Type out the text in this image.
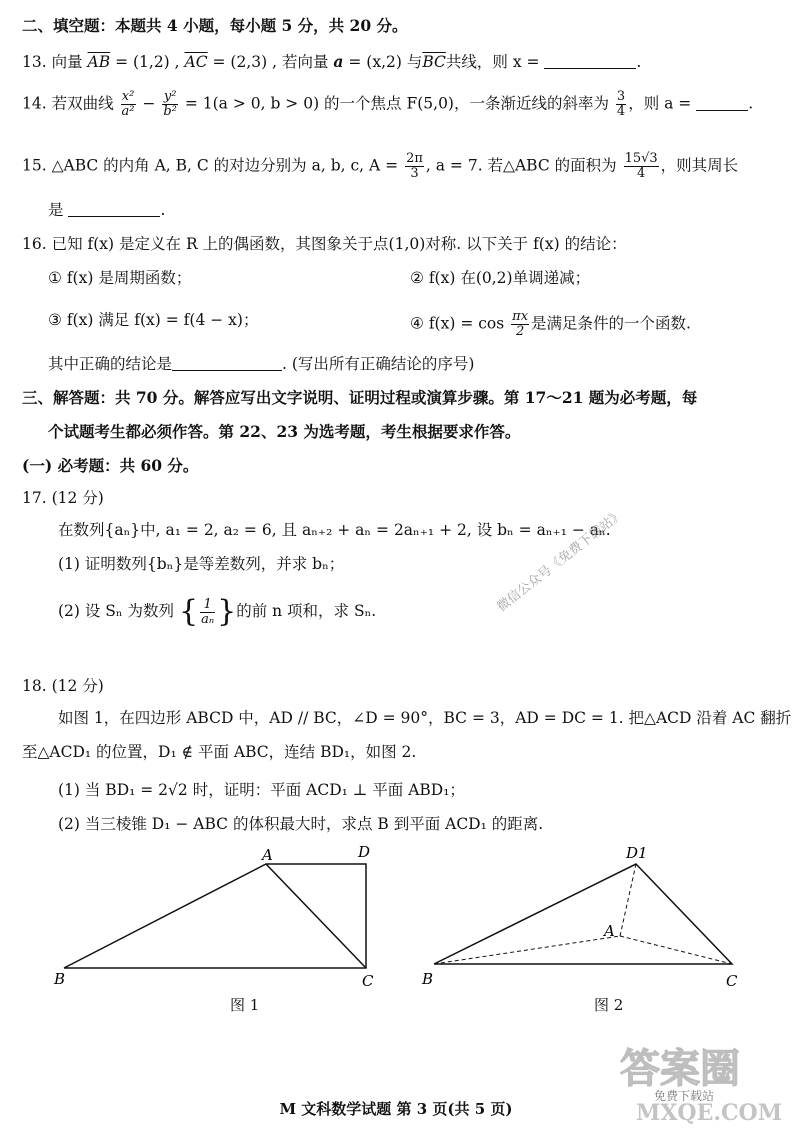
二、填空题：本题共 4 小题，每小题 5 分，共 20 分。
13. 向量 $\overline{AB} = (1,2)$ , $\overline{AC} = (2,3)$ , 若向量 a = (x,2) 与$\overline{BC}$共线，则 x =	.
14. 若双曲线 $\frac{\text{x²}}{\text{a²}} - \frac{\text{y²}}{\text{b²}} = 1(a > 0$, b > 0) 的一个焦点 F(5,0)，一条渐近线的斜率为 $\frac{3}{4}$ ，则 a =	.
15. △ABC 的内角 A, B, C 的对边分别为 a, b, c, $A = \frac{2\pi}{3}$ , a = 7. 若△ABC 的面积为 $\frac{15√3}{4}$ ，则其周长
是	.
16. 已知 f(x) 是定义在 R 上的偶函数，其图象关于点(1,0)对称. 以下关于 f(x) 的结论：
① f(x) 是周期函数；	② f(x) 在(0,2)单调递减；
③ f(x) 满足 f(x) = f(4 − x)；	④ $f(x) = \cos \frac{\pi x}{2}$ 是满足条件的一个函数.
其中正确的结论是	. (写出所有正确结论的序号)
三、解答题：共 70 分。解答应写出文字说明、证明过程或演算步骤。第 17～21 题为必考题，每
个试题考生都必须作答。第 22、23 为选考题，考生根据要求作答。
(一) 必考题：共 60 分。
17. (12 分)
在数列{aₙ}中, a₁ = 2, a₂ = 6, 且 aₙ₊₂ + aₙ = 2aₙ₊₁ + 2, 设 bₙ = aₙ₊₁ − aₙ.
(1) 证明数列{bₙ}是等差数列，并求 bₙ；
(2) 设 Sₙ 为数列 { $\frac{1}{\text{aₙ}}$ }的前 n 项和，求 Sₙ.
18. (12 分)
如图 1，在四边形 ABCD 中，AD // BC，∠D = 90°，BC = 3，AD = DC = 1. 把△ACD 沿着 AC 翻折
至△ACD₁ 的位置，D₁ ∉ 平面 ABC，连结 BD₁，如图 2.
(1) 当 BD₁ = 2√2 时，证明：平面 ACD₁ ⊥ 平面 ABD₁；
(2) 当三棱锥 D₁ − ABC 的体积最大时，求点 B 到平面 ACD₁ 的距离.
A	D
B	C
图 1
D1
A
B	C
图 2
微信公众号《免费下载站》
答案圈
MXQE.COM
免费下载站
M 文科数学试题 第 3 页(共 5 页)
